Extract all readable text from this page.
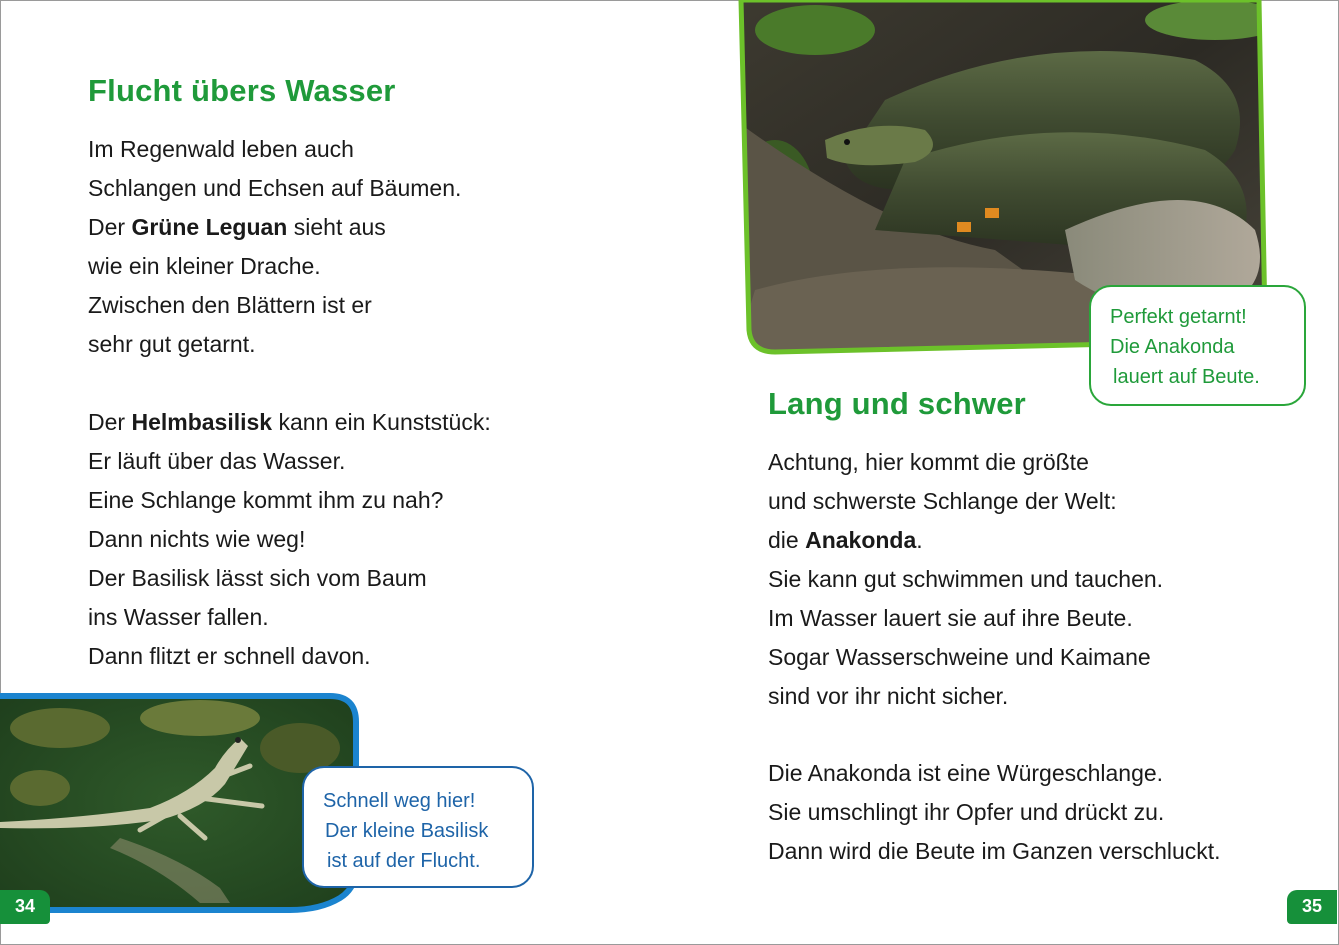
Flucht übers Wasser
Im Regenwald leben auch
Schlangen und Echsen auf Bäumen.
Der Grüne Leguan sieht aus
wie ein kleiner Drache.
Zwischen den Blättern ist er
sehr gut getarnt.
Der Helmbasilisk kann ein Kunststück:
Er läuft über das Wasser.
Eine Schlange kommt ihm zu nah?
Dann nichts wie weg!
Der Basilisk lässt sich vom Baum
ins Wasser fallen.
Dann flitzt er schnell davon.
Lang und schwer
Achtung, hier kommt die größte
und schwerste Schlange der Welt:
die Anakonda.
Sie kann gut schwimmen und tauchen.
Im Wasser lauert sie auf ihre Beute.
Sogar Wasserschweine und Kaimane
sind vor ihr nicht sicher.
Die Anakonda ist eine Würgeschlange.
Sie umschlingt ihr Opfer und drückt zu.
Dann wird die Beute im Ganzen verschluckt.
Perfekt getarnt!
Die Anakonda
lauert auf Beute.
Schnell weg hier!
Der kleine Basilisk
ist auf der Flucht.
34	35
